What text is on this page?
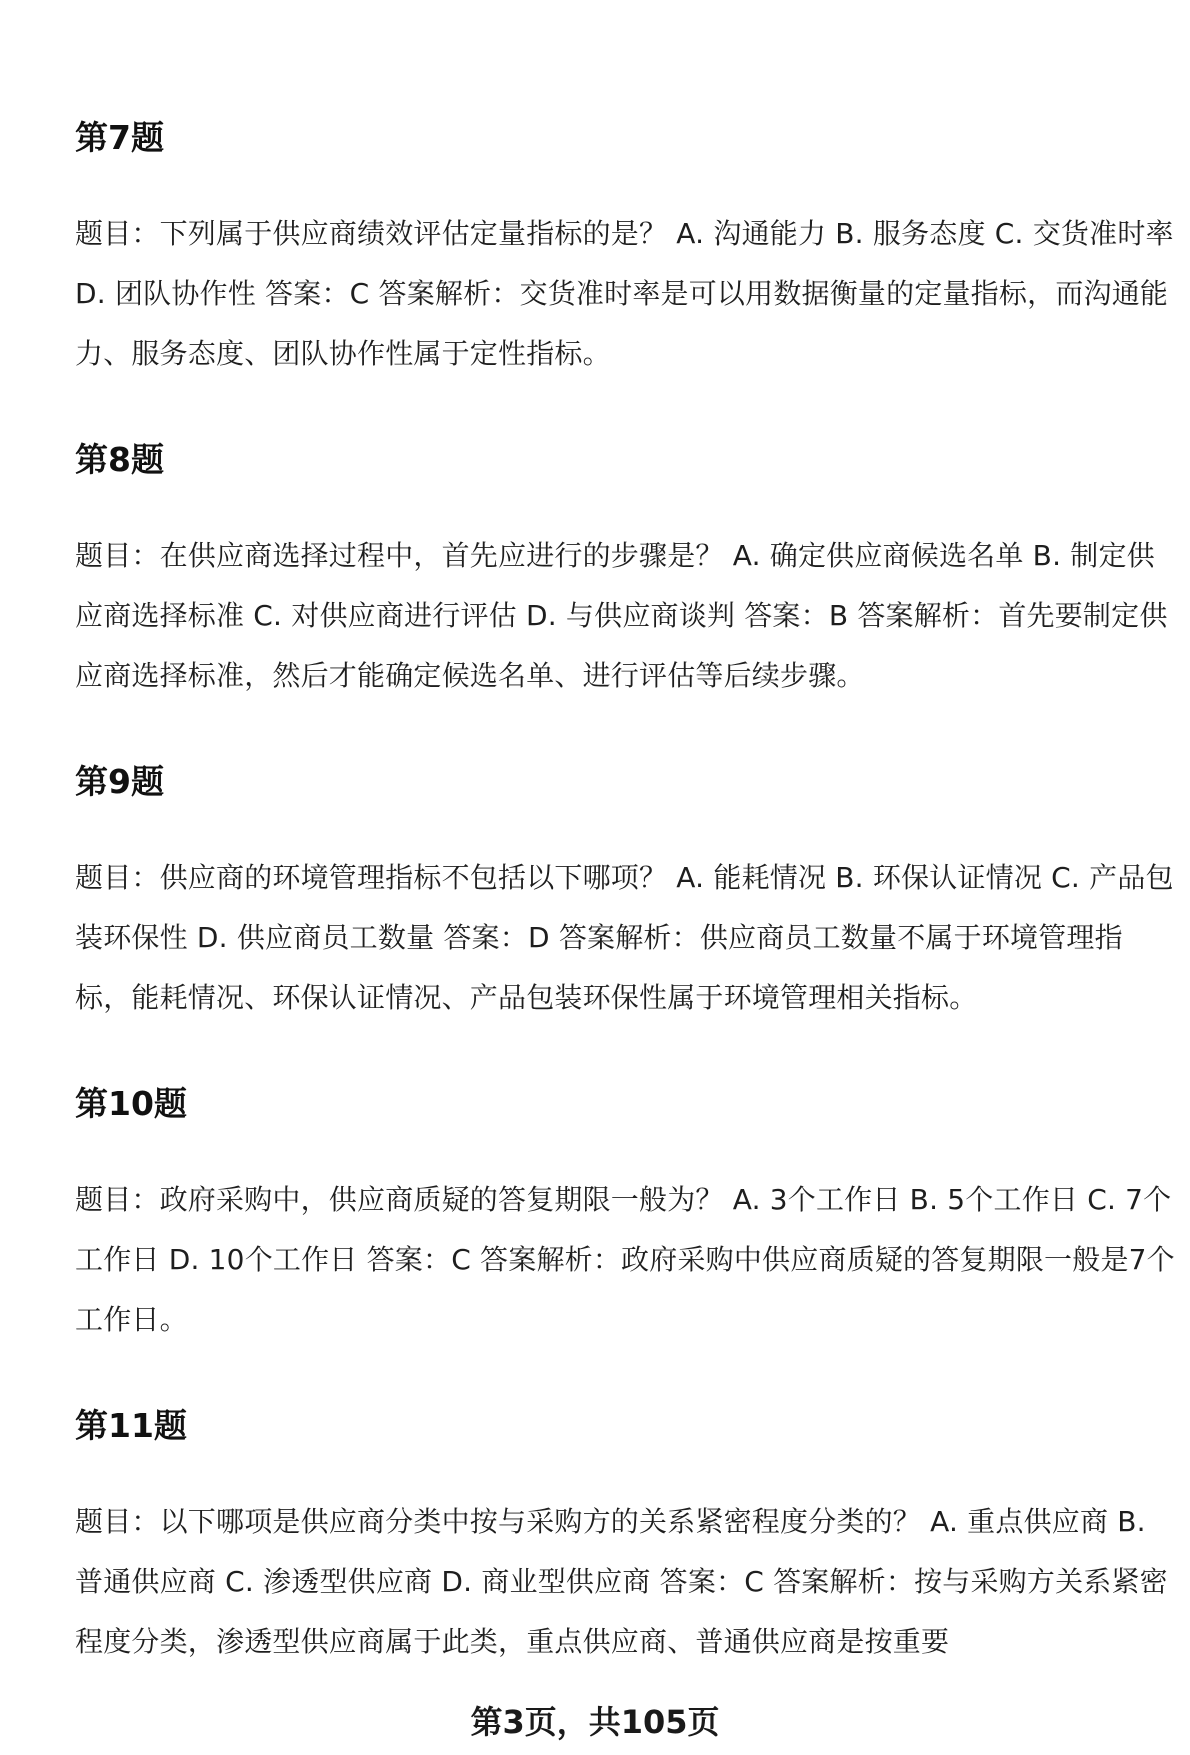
第7题

题目：下列属于供应商绩效评估定量指标的是？ A. 沟通能力 B. 服务态度 C. 交货准时率 D. 团队协作性 答案：C 答案解析：交货准时率是可以用数据衡量的定量指标，而沟通能力、服务态度、团队协作性属于定性指标。

第8题

题目：在供应商选择过程中，首先应进行的步骤是？ A. 确定供应商候选名单 B. 制定供应商选择标准 C. 对供应商进行评估 D. 与供应商谈判 答案：B 答案解析：首先要制定供应商选择标准，然后才能确定候选名单、进行评估等后续步骤。

第9题

题目：供应商的环境管理指标不包括以下哪项？ A. 能耗情况 B. 环保认证情况 C. 产品包装环保性 D. 供应商员工数量 答案：D 答案解析：供应商员工数量不属于环境管理指标，能耗情况、环保认证情况、产品包装环保性属于环境管理相关指标。

第10题

题目：政府采购中，供应商质疑的答复期限一般为？ A. 3个工作日 B. 5个工作日 C. 7个工作日 D. 10个工作日 答案：C 答案解析：政府采购中供应商质疑的答复期限一般是7个工作日。

第11题

题目：以下哪项是供应商分类中按与采购方的关系紧密程度分类的？ A. 重点供应商 B. 普通供应商 C. 渗透型供应商 D. 商业型供应商 答案：C 答案解析：按与采购方关系紧密程度分类，渗透型供应商属于此类，重点供应商、普通供应商是按重要

第3页，共105页
